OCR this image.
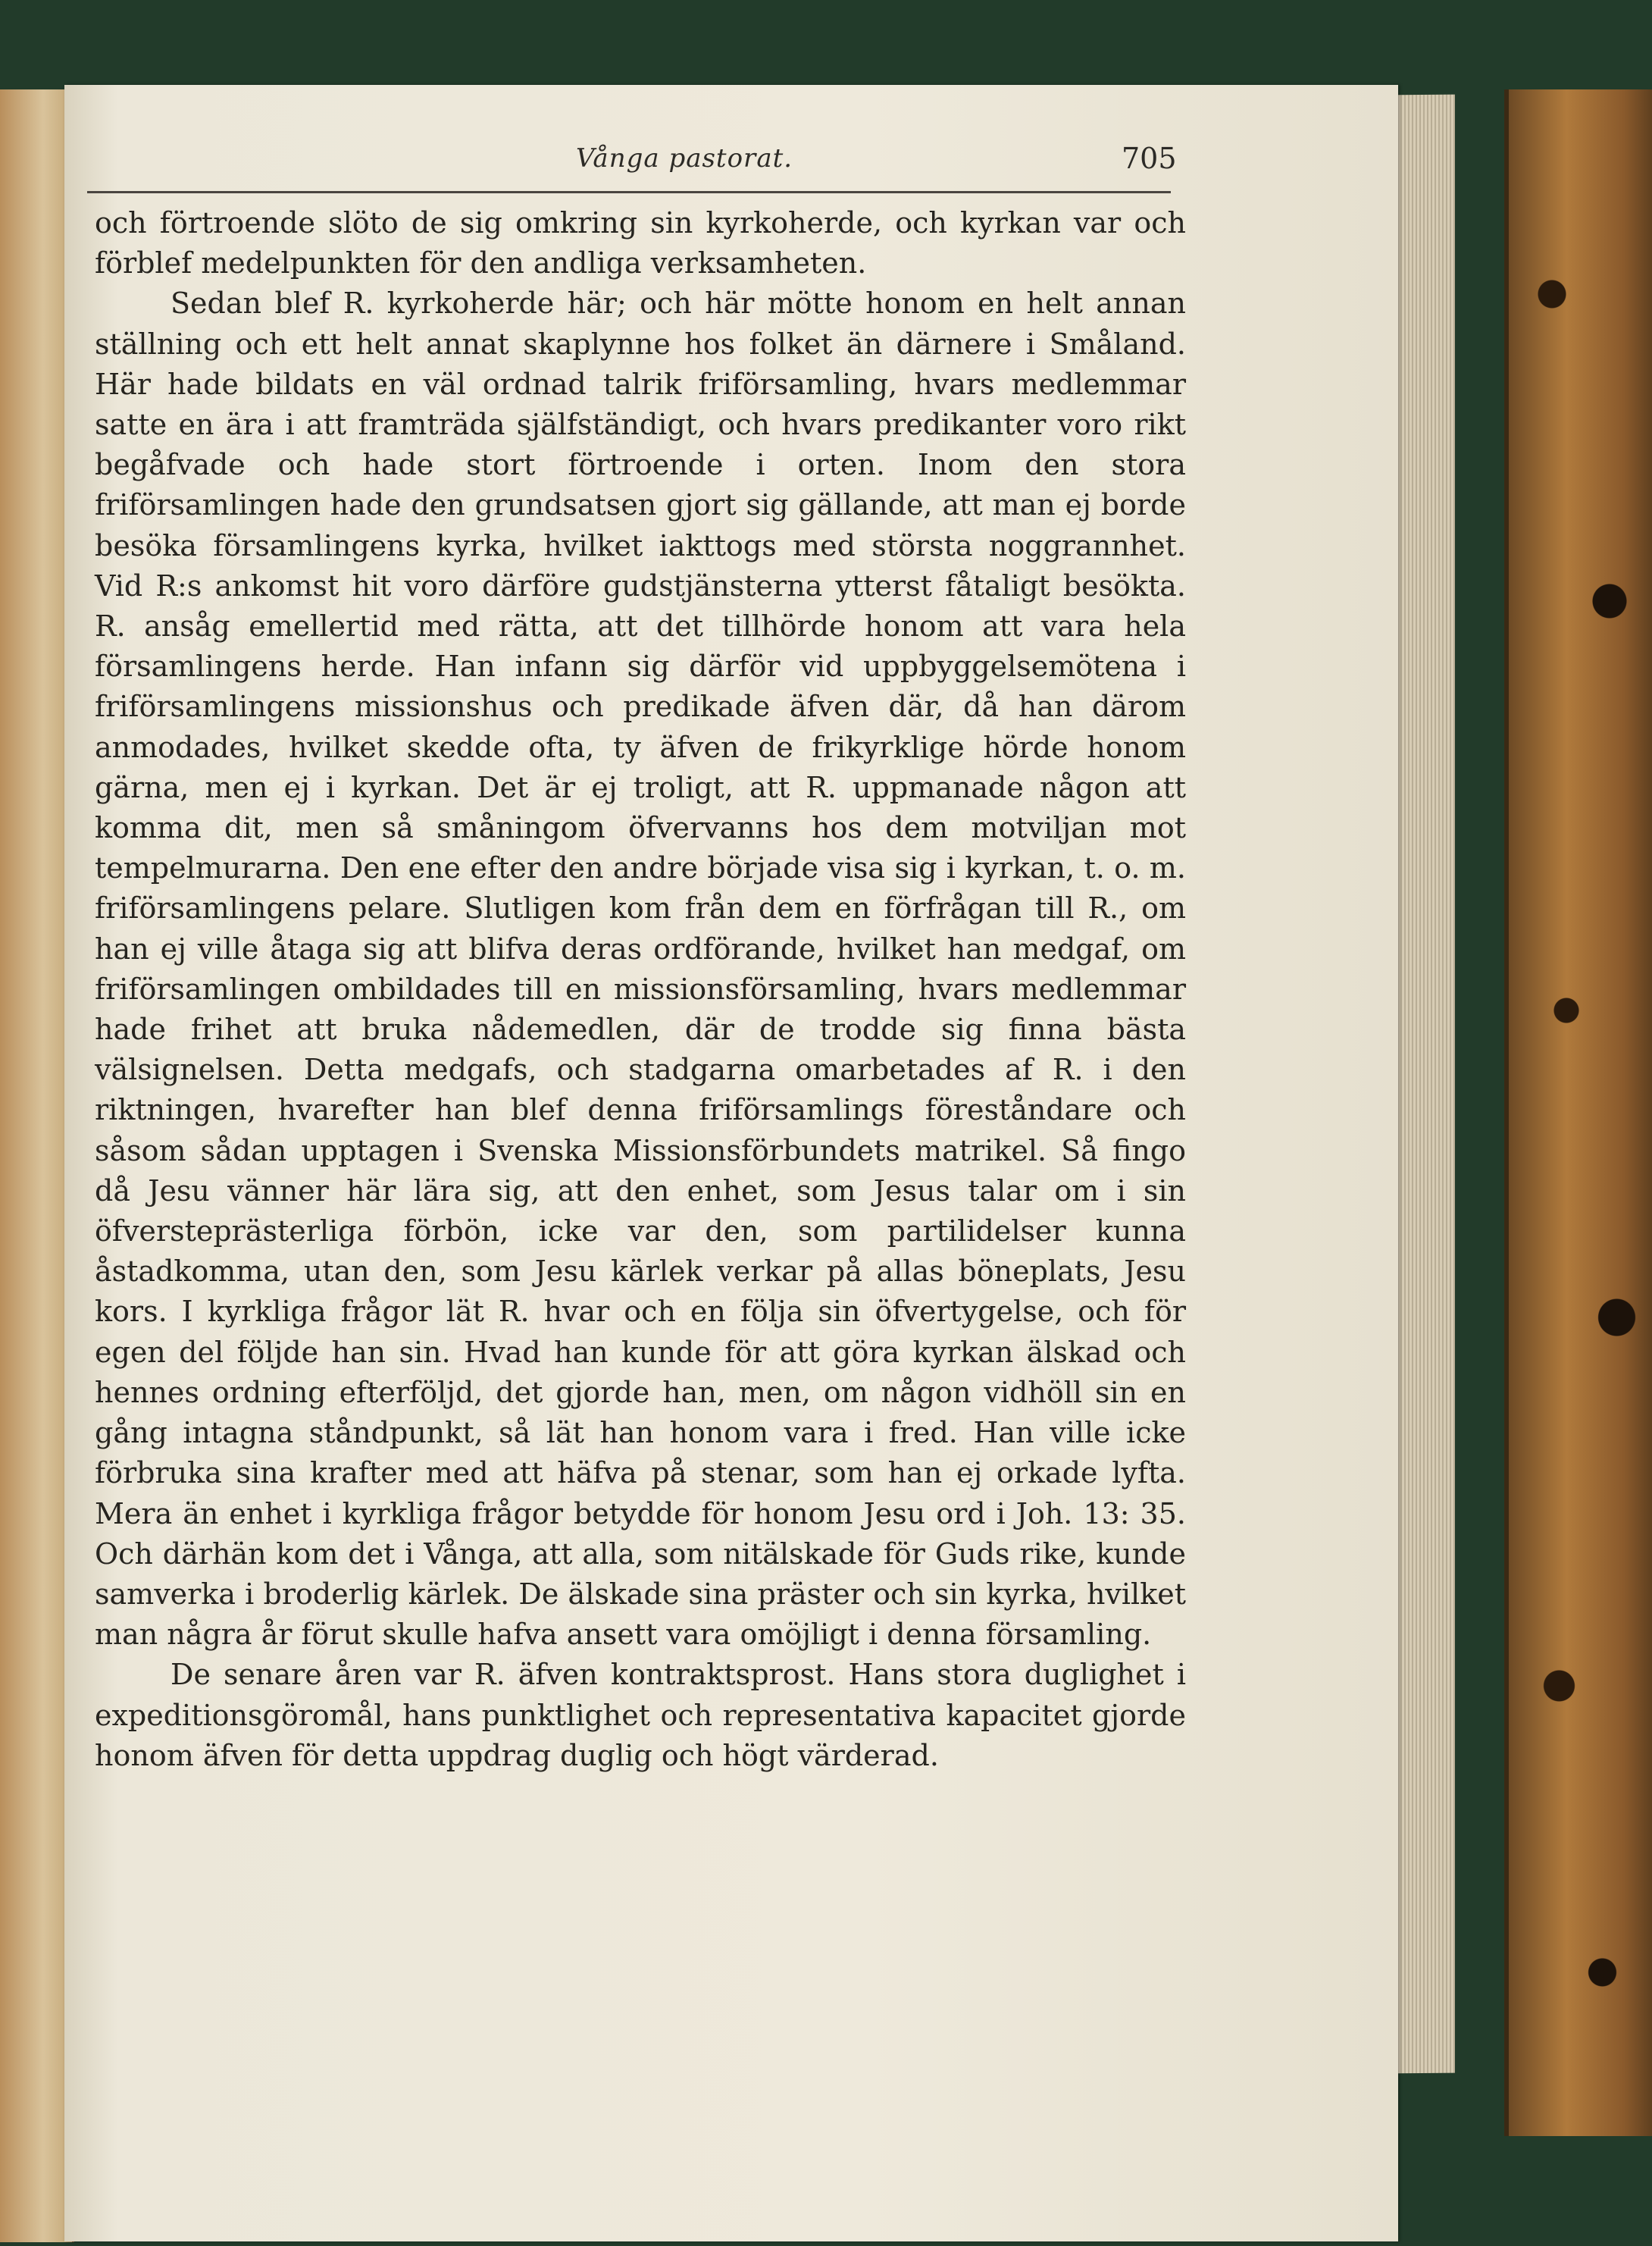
Vånga pastorat.	705

och förtroende slöto de sig omkring sin kyrkoherde, och kyrkan var och förblef medelpunkten för den andliga verksamheten.

Sedan blef R. kyrkoherde här; och här mötte honom en helt annan ställning och ett helt annat skaplynne hos folket än därnere i Småland. Här hade bildats en väl ordnad talrik friförsamling, hvars medlemmar satte en ära i att framträda själfständigt, och hvars predikanter voro rikt begåfvade och hade stort förtroende i orten. Inom den stora friförsamlingen hade den grundsatsen gjort sig gällande, att man ej borde besöka församlingens kyrka, hvilket iakttogs med största noggrannhet. Vid R:s ankomst hit voro därföre gudstjänsterna ytterst fåtaligt besökta. R. ansåg emellertid med rätta, att det tillhörde honom att vara hela församlingens herde. Han infann sig därför vid uppbyggelsemötena i friförsamlingens missionshus och predikade äfven där, då han därom anmodades, hvilket skedde ofta, ty äfven de frikyrklige hörde honom gärna, men ej i kyrkan. Det är ej troligt, att R. uppmanade någon att komma dit, men så småningom öfvervanns hos dem motviljan mot tempelmurarna. Den ene efter den andre började visa sig i kyrkan, t. o. m. friförsamlingens pelare. Slutligen kom från dem en förfrågan till R., om han ej ville åtaga sig att blifva deras ordförande, hvilket han medgaf, om friförsamlingen ombildades till en missionsförsamling, hvars medlemmar hade frihet att bruka nådemedlen, där de trodde sig finna bästa välsignelsen. Detta medgafs, och stadgarna omarbetades af R. i den riktningen, hvarefter han blef denna friförsamlings föreståndare och såsom sådan upptagen i Svenska Missionsförbundets matrikel. Så fingo då Jesu vänner här lära sig, att den enhet, som Jesus talar om i sin öfversteprästerliga förbön, icke var den, som partilidelser kunna åstadkomma, utan den, som Jesu kärlek verkar på allas böneplats, Jesu kors. I kyrkliga frågor lät R. hvar och en följa sin öfvertygelse, och för egen del följde han sin. Hvad han kunde för att göra kyrkan älskad och hennes ordning efterföljd, det gjorde han, men, om någon vidhöll sin en gång intagna ståndpunkt, så lät han honom vara i fred. Han ville icke förbruka sina krafter med att häfva på stenar, som han ej orkade lyfta. Mera än enhet i kyrkliga frågor betydde för honom Jesu ord i Joh. 13: 35. Och därhän kom det i Vånga, att alla, som nitälskade för Guds rike, kunde samverka i broderlig kärlek. De älskade sina präster och sin kyrka, hvilket man några år förut skulle hafva ansett vara omöjligt i denna församling.

De senare åren var R. äfven kontraktsprost. Hans stora duglighet i expeditionsgöromål, hans punktlighet och representativa kapacitet gjorde honom äfven för detta uppdrag duglig och högt värderad.
